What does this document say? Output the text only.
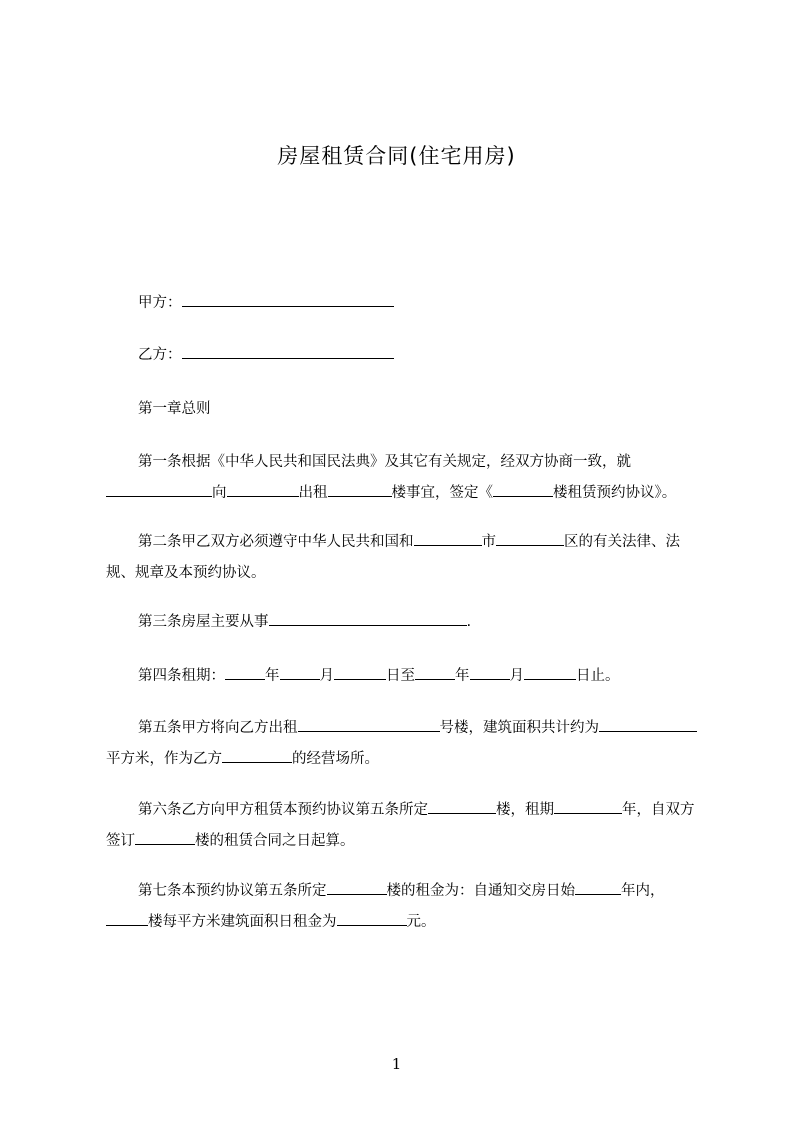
房屋租赁合同(住宅用房)
甲方：
乙方：
第一章总则

第一条根据《中华人民共和国民法典》及其它有关规定，经双方协商一致，就向	出租	楼事宜，签定《	楼租赁预约协议》。

第二条甲乙双方必须遵守中华人民共和国和	市	区的有关法律、法规、规章及本预约协议。

第三条房屋主要从事	.
第四条租期：	年	月	日至	年	月	日止。

第五条甲方将向乙方出租	号楼，建筑面积共计约为平方米，作为乙方	的经营场所。

第六条乙方向甲方租赁本预约协议第五条所定	楼，租期	年，自双方签订	楼的租赁合同之日起算。

第七条本预约协议第五条所定	楼的租金为：自通知交房日始	年内，楼每平方米建筑面积日租金为	元。

1
